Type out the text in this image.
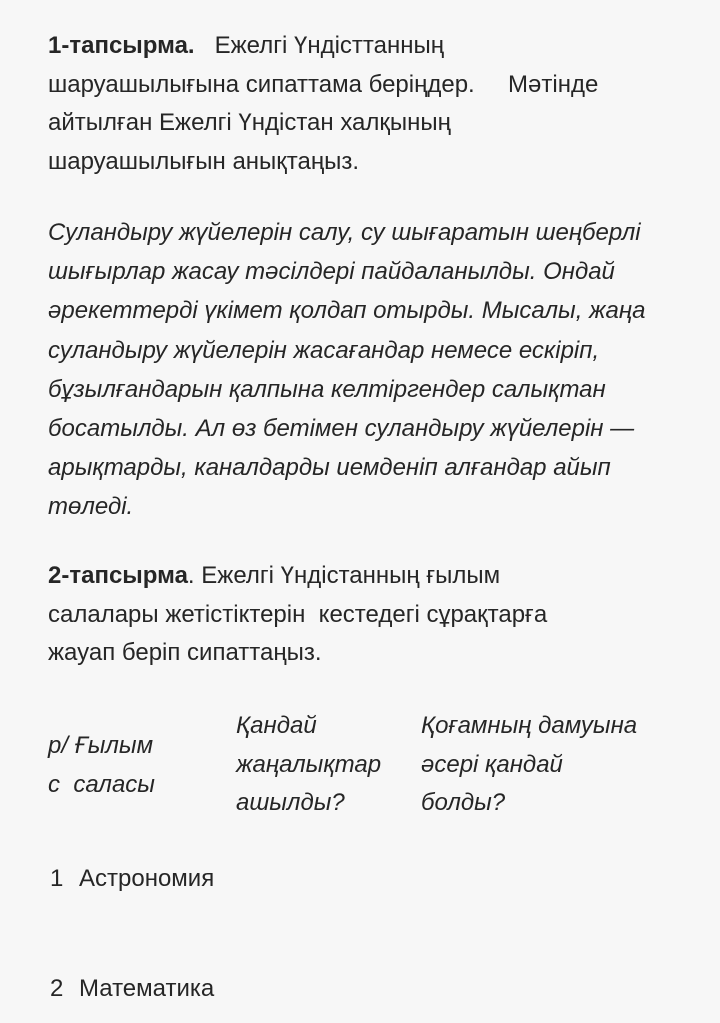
1-тапсырма. Ежелгі Үндісттанның
шаруашылығына сипаттама беріңдер.     Мәтінде
айтылған Ежелгі Үндістан халқының
шаруашылығын анықтаңыз.
Суландыру жүйелерін салу, су шығаратын шеңберлі
шығырлар жасау тәсілдері пайдаланылды. Ондай
әрекеттерді үкімет қолдап отырды. Мысалы, жаңа
суландыру жүйелерін жасағандар немесе ескіріп,
бұзылғандарын қалпына келтіргендер салықтан
босатылды. Ал өз бетімен суландыру жүйелерін —
арықтарды, каналдарды иемденіп алғандар айып
төледі.
2-тапсырма. Ежелгі Үндістанның ғылым
салалары жетістіктерін  кестедегі сұрақтарға
жауап беріп сипаттаңыз.
р/ Ғылым
с  саласы
Қандай
жаңалықтар
ашылды?
Қоғамның дамуына
әсері қандай
болды?
1 Астрономия
2 Математика
